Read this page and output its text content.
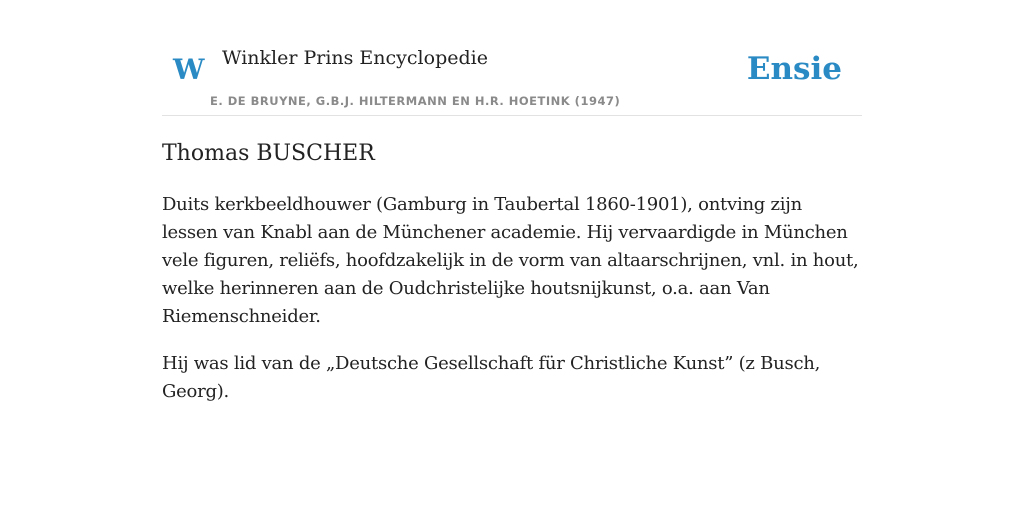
W Winkler Prins Encyclopedie
E. DE BRUYNE, G.B.J. HILTERMANN EN H.R. HOETINK (1947)
Ensie
Thomas BUSCHER

Duits kerkbeeldhouwer (Gamburg in Taubertal 1860-1901), ontving zijn lessen van Knabl aan de Münchener academie. Hij vervaardigde in München vele figuren, reliëfs, hoofdzakelijk in de vorm van altaarschrijnen, vnl. in hout, welke herinneren aan de Oudchristelijke houtsnijkunst, o.a. aan Van Riemenschneider.

Hij was lid van de „Deutsche Gesellschaft für Christliche Kunst” (z Busch, Georg).
